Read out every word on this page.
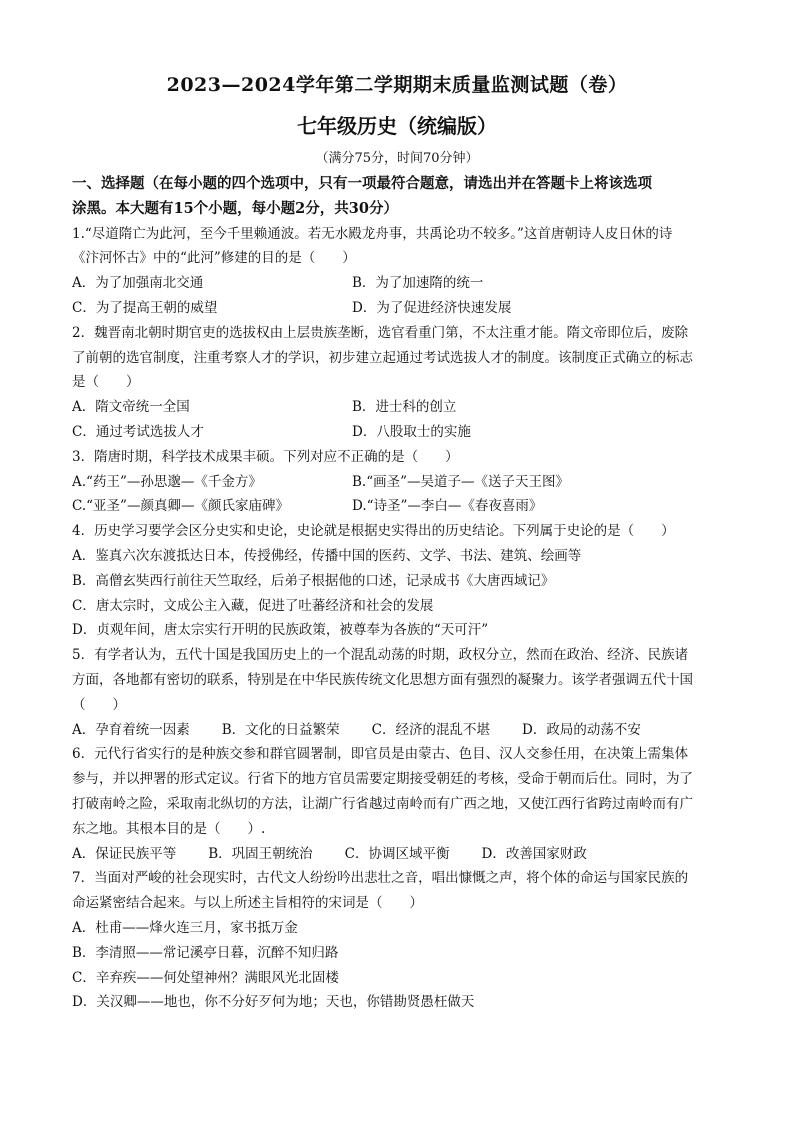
2023—2024学年第二学期期末质量监测试题（卷）
七年级历史（统编版）
（满分75分，时间70分钟）
一、选择题（在每小题的四个选项中，只有一项最符合题意，请选出并在答题卡上将该选项
涂黑。本大题有15个小题，每小题2分，共30分）
1.“尽道隋亡为此河，至今千里赖通波。若无水殿龙舟事，共禹论功不较多。”这首唐朝诗人皮日休的诗
《汴河怀古》中的“此河”修建的目的是（　　）
A．为了加强南北交通	B．为了加速隋的统一
C．为了提高王朝的威望	D．为了促进经济快速发展
2．魏晋南北朝时期官吏的选拔权由上层贵族垄断，选官看重门第，不太注重才能。隋文帝即位后，废除
了前朝的选官制度，注重考察人才的学识，初步建立起通过考试选拔人才的制度。该制度正式确立的标志
是（　　）
A．隋文帝统一全国	B．进士科的创立
C．通过考试选拔人才	D．八股取士的实施
3．隋唐时期，科学技术成果丰硕。下列对应不正确的是（　　）
A.“药王”—孙思邈—《千金方》	B.“画圣”—吴道子—《送子天王图》
C.“亚圣”—颜真卿—《颜氏家庙碑》	D.“诗圣”—李白—《春夜喜雨》
4．历史学习要学会区分史实和史论，史论就是根据史实得出的历史结论。下列属于史论的是（　　）
A．鉴真六次东渡抵达日本，传授佛经，传播中国的医药、文学、书法、建筑、绘画等
B．高僧玄奘西行前往天竺取经，后弟子根据他的口述，记录成书《大唐西域记》
C．唐太宗时，文成公主入藏，促进了吐蕃经济和社会的发展
D．贞观年间，唐太宗实行开明的民族政策，被尊奉为各族的“天可汗”
5．有学者认为，五代十国是我国历史上的一个混乱动荡的时期，政权分立，然而在政治、经济、民族诸
方面，各地都有密切的联系，特别是在中华民族传统文化思想方面有强烈的凝聚力。该学者强调五代十国
（　　）
A．孕育着统一因素 B．文化的日益繁荣 C．经济的混乱不堪 D．政局的动荡不安
6．元代行省实行的是种族交参和群官圆署制，即官员是由蒙古、色目、汉人交参任用，在决策上需集体
参与，并以押署的形式定议。行省下的地方官员需要定期接受朝廷的考核，受命于朝而后仕。同时，为了
打破南岭之险，采取南北纵切的方法，让湖广行省越过南岭而有广西之地，又使江西行省跨过南岭而有广
东之地。其根本目的是（　　）.
A．保证民族平等 B．巩固王朝统治 C．协调区域平衡 D．改善国家财政
7．当面对严峻的社会现实时，古代文人纷纷吟出悲壮之音，唱出慷慨之声，将个体的命运与国家民族的
命运紧密结合起来。与以上所述主旨相符的宋词是（　　）
A．杜甫——烽火连三月，家书抵万金
B．李清照——常记溪亭日暮，沉醉不知归路
C．辛弃疾——何处望神州？满眼风光北固楼
D．关汉卿——地也，你不分好歹何为地；天也，你错勘贤愚枉做天
